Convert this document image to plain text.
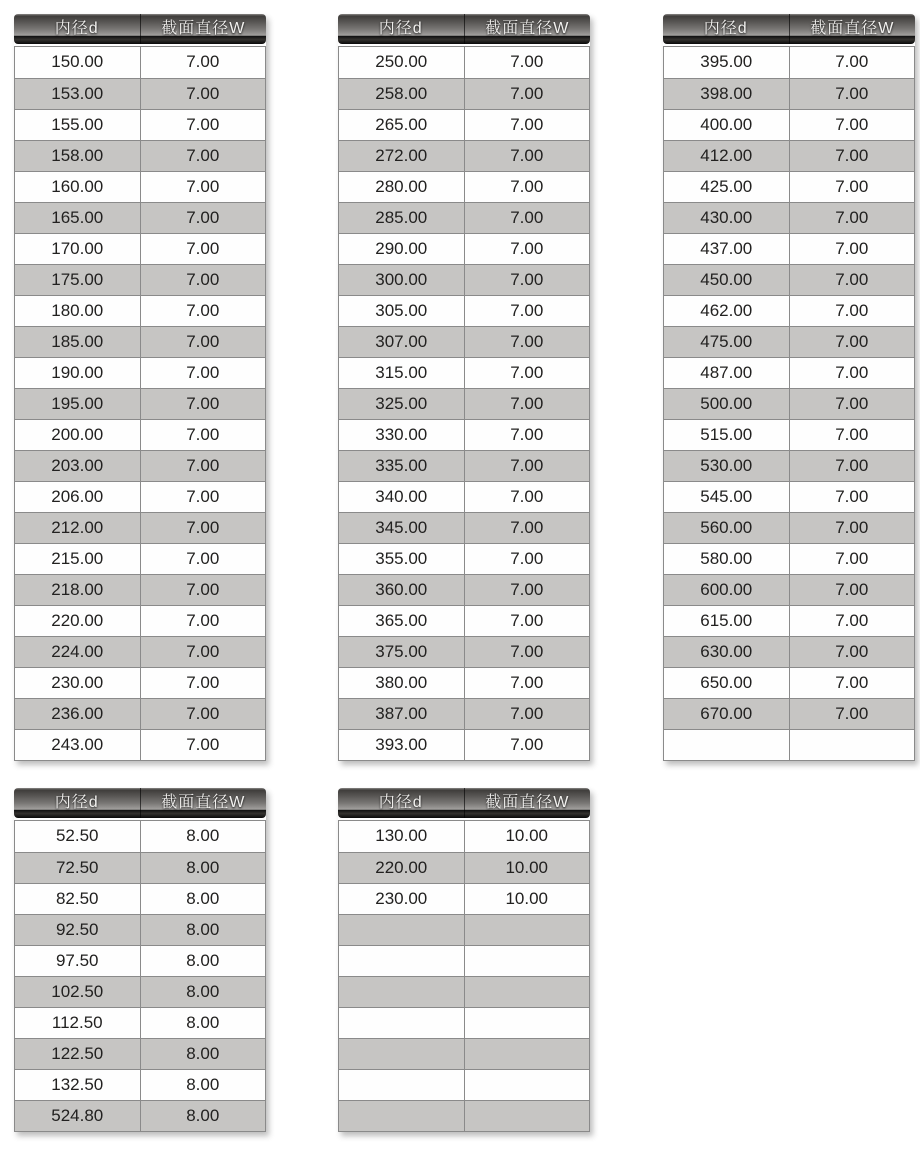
内径d	截面直径W
150.00	7.00
153.00	7.00
155.00	7.00
158.00	7.00
160.00	7.00
165.00	7.00
170.00	7.00
175.00	7.00
180.00	7.00
185.00	7.00
190.00	7.00
195.00	7.00
200.00	7.00
203.00	7.00
206.00	7.00
212.00	7.00
215.00	7.00
218.00	7.00
220.00	7.00
224.00	7.00
230.00	7.00
236.00	7.00
243.00	7.00
内径d	截面直径W
250.00	7.00
258.00	7.00
265.00	7.00
272.00	7.00
280.00	7.00
285.00	7.00
290.00	7.00
300.00	7.00
305.00	7.00
307.00	7.00
315.00	7.00
325.00	7.00
330.00	7.00
335.00	7.00
340.00	7.00
345.00	7.00
355.00	7.00
360.00	7.00
365.00	7.00
375.00	7.00
380.00	7.00
387.00	7.00
393.00	7.00
内径d	截面直径W
395.00	7.00
398.00	7.00
400.00	7.00
412.00	7.00
425.00	7.00
430.00	7.00
437.00	7.00
450.00	7.00
462.00	7.00
475.00	7.00
487.00	7.00
500.00	7.00
515.00	7.00
530.00	7.00
545.00	7.00
560.00	7.00
580.00	7.00
600.00	7.00
615.00	7.00
630.00	7.00
650.00	7.00
670.00	7.00
内径d	截面直径W
52.50	8.00
72.50	8.00
82.50	8.00
92.50	8.00
97.50	8.00
102.50	8.00
112.50	8.00
122.50	8.00
132.50	8.00
524.80	8.00
内径d	截面直径W
130.00	10.00
220.00	10.00
230.00	10.00
